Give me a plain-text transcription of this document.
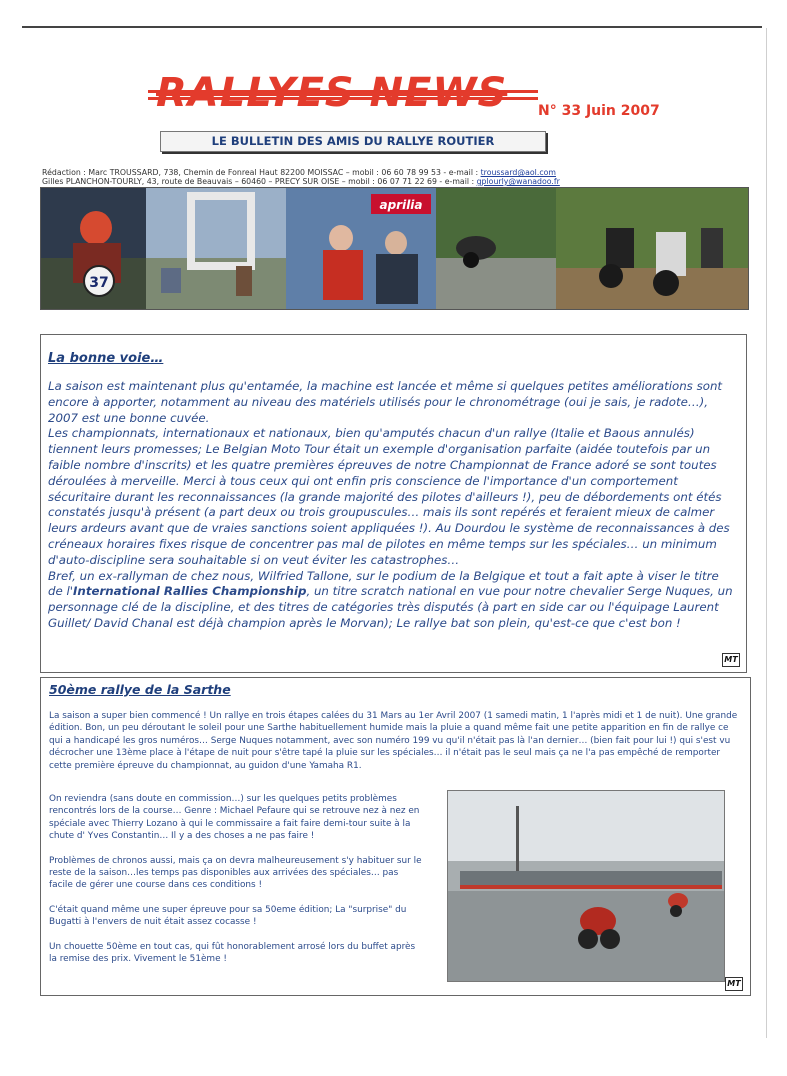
RALLYES NEWS N° 33 Juin 2007
LE BULLETIN DES AMIS DU RALLYE ROUTIER
Rédaction : Marc TROUSSARD, 738, Chemin de Fonreal Haut 82200 MOISSAC – mobil : 06 60 78 99 53 - e-mail : troussard@aol.com
Gilles PLANCHON-TOURLY, 43, route de Beauvais – 60460 – PRECY SUR OISE – mobil : 06 07 71 22 69 - e-mail : gplourly@wanadoo.fr
37
aprilia
La bonne voie…

La saison est maintenant plus qu'entamée, la machine est lancée et même si quelques petites améliorations sont encore à apporter, notamment au niveau des matériels utilisés pour le chronométrage (oui je sais, je radote…), 2007 est une bonne cuvée.

Les championnats, internationaux et nationaux, bien qu'amputés chacun d'un rallye (Italie et Baous annulés) tiennent leurs promesses; Le Belgian Moto Tour était un exemple d'organisation parfaite (aidée toutefois par un faible nombre d'inscrits) et les quatre premières épreuves de notre Championnat de France adoré se sont toutes déroulées à merveille. Merci à tous ceux qui ont enfin pris conscience de l'importance d'un comportement sécuritaire durant les reconnaissances (la grande majorité des pilotes d'ailleurs !), peu de débordements ont étés constatés jusqu'à présent (a part deux ou trois groupuscules… mais ils sont repérés et feraient mieux de calmer leurs ardeurs avant que de vraies sanctions soient appliquées !). Au Dourdou le système de reconnaissances à des créneaux horaires fixes risque de concentrer pas mal de pilotes en même temps sur les spéciales… un minimum d'auto-discipline sera souhaitable si on veut éviter les catastrophes…

Bref, un ex-rallyman de chez nous, Wilfried Tallone, sur le podium de la Belgique et tout a fait apte à viser le titre de l'International Rallies Championship, un titre scratch national en vue pour notre chevalier Serge Nuques, un personnage clé de la discipline, et des titres de catégories très disputés (à part en side car ou l'équipage Laurent Guillet/ David Chanal est déjà champion après le Morvan); Le rallye bat son plein, qu'est-ce que c'est bon !

MT
50ème rallye de la Sarthe
La saison a super bien commencé ! Un rallye en trois étapes calées du 31 Mars au 1er Avril 2007 (1 samedi matin, 1 l'après midi et 1 de nuit). Une grande édition. Bon, un peu déroutant le soleil pour une Sarthe habituellement humide mais la pluie a quand même fait une petite apparition en fin de rallye ce qui a handicapé les gros numéros… Serge Nuques notamment, avec son numéro 199 vu qu'il n'était pas là l'an dernier… (bien fait pour lui !) qui s'est vu décrocher une 13ème place à l'étape de nuit pour s'être tapé la pluie sur les spéciales… il n'était pas le seul mais ça ne l'a pas empêché de remporter cette première épreuve du championnat, au guidon d'une Yamaha R1.

On reviendra (sans doute en commission…) sur les quelques petits problèmes rencontrés lors de la course… Genre : Michael Pefaure qui se retrouve nez à nez en spéciale avec Thierry Lozano à qui le commissaire a fait faire demi-tour suite à la chute d' Yves Constantin… Il y a des choses a ne pas faire !

Problèmes de chronos aussi, mais ça on devra malheureusement s'y habituer sur le reste de la saison…les temps pas disponibles aux arrivées des spéciales… pas facile de gérer une course dans ces conditions !

C'était quand même une super épreuve pour sa 50eme édition; La "surprise" du Bugatti à l'envers de nuit était assez cocasse !

Un chouette 50ème en tout cas, qui fût honorablement arrosé lors du buffet après la remise des prix. Vivement le 51ème !

MT
